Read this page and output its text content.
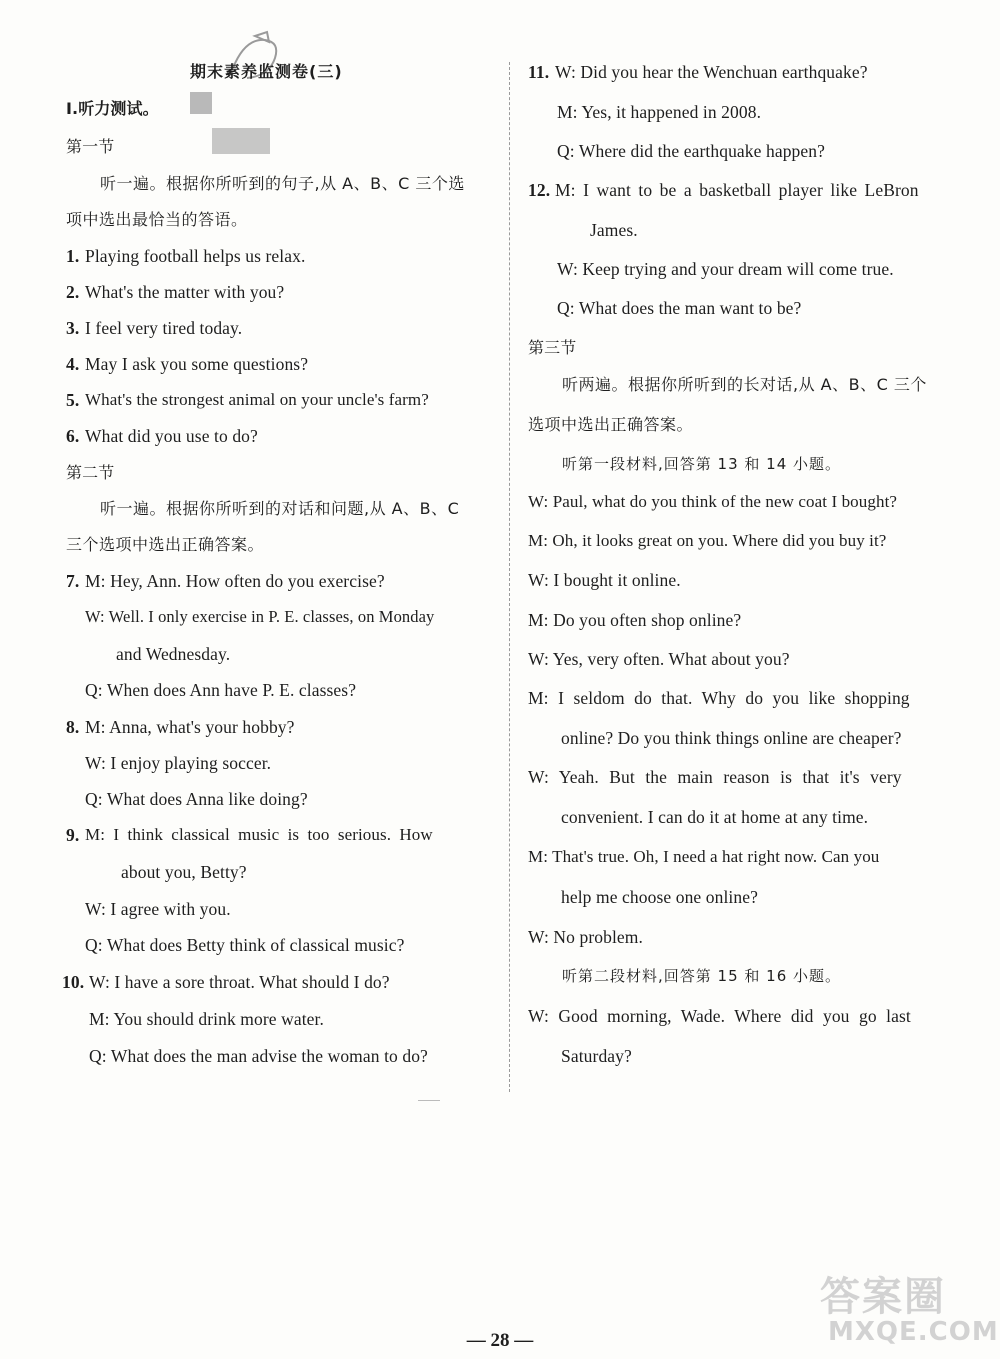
期末素养监测卷(三)
Ⅰ.听力测试。
第一节
听一遍。根据你所听到的句子,从 A、B、C 三个选
项中选出最恰当的答语。
1. Playing football helps us relax.
2. What's the matter with you?
3. I feel very tired today.
4. May I ask you some questions?
5. What's the strongest animal on your uncle's farm?
6. What did you use to do?
第二节
听一遍。根据你所听到的对话和问题,从 A、B、C
三个选项中选出正确答案。
7. M: Hey, Ann. How often do you exercise?
W: Well. I only exercise in P. E. classes, on Monday
and Wednesday.
Q: When does Ann have P. E. classes?
8. M: Anna, what's your hobby?
W: I enjoy playing soccer.
Q: What does Anna like doing?
9. M: I think classical music is too serious. How
about you, Betty?
W: I agree with you.
Q: What does Betty think of classical music?
10. W: I have a sore throat. What should I do?
M: You should drink more water.
Q: What does the man advise the woman to do?
11. W: Did you hear the Wenchuan earthquake?
M: Yes, it happened in 2008.
Q: Where did the earthquake happen?
12. M: I want to be a basketball player like LeBron
James.
W: Keep trying and your dream will come true.
Q: What does the man want to be?
第三节
听两遍。根据你所听到的长对话,从 A、B、C 三个
选项中选出正确答案。
听第一段材料,回答第 13 和 14 小题。
W: Paul, what do you think of the new coat I bought?
M: Oh, it looks great on you. Where did you buy it?
W: I bought it online.
M: Do you often shop online?
W: Yes, very often. What about you?
M: I seldom do that. Why do you like shopping
online? Do you think things online are cheaper?
W: Yeah. But the main reason is that it's very
convenient. I can do it at home at any time.
M: That's true. Oh, I need a hat right now. Can you
help me choose one online?
W: No problem.
听第二段材料,回答第 15 和 16 小题。
W: Good morning, Wade. Where did you go last
Saturday?
— 28 —
答案圈
MXQE.COM
